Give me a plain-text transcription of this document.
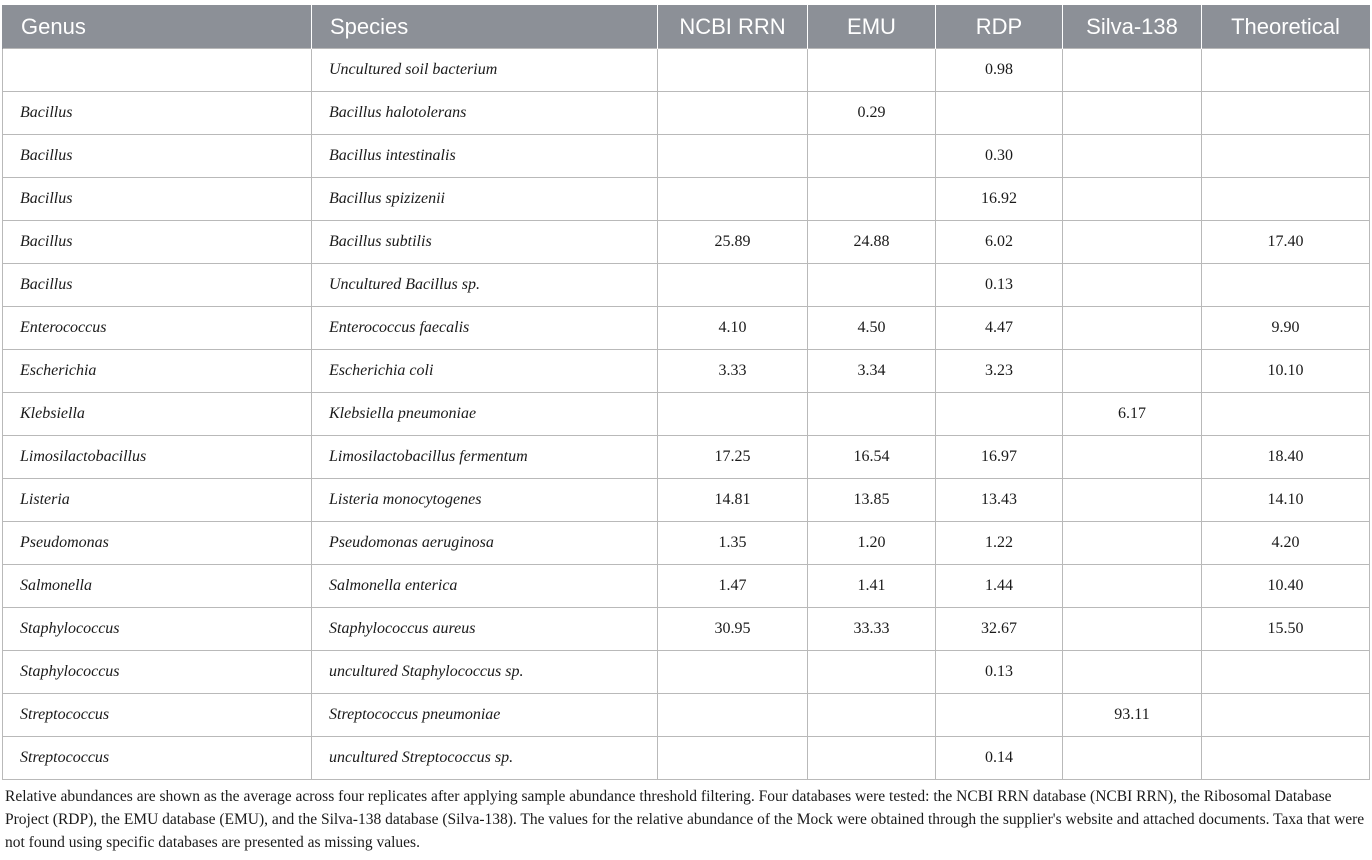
Genus	Species	NCBI RRN	EMU	RDP	Silva-138	Theoretical
	Uncultured soil bacterium			0.98		
Bacillus	Bacillus halotolerans		0.29			
Bacillus	Bacillus intestinalis			0.30		
Bacillus	Bacillus spizizenii			16.92		
Bacillus	Bacillus subtilis	25.89	24.88	6.02		17.40
Bacillus	Uncultured Bacillus sp.			0.13		
Enterococcus	Enterococcus faecalis	4.10	4.50	4.47		9.90
Escherichia	Escherichia coli	3.33	3.34	3.23		10.10
Klebsiella	Klebsiella pneumoniae				6.17	
Limosilactobacillus	Limosilactobacillus fermentum	17.25	16.54	16.97		18.40
Listeria	Listeria monocytogenes	14.81	13.85	13.43		14.10
Pseudomonas	Pseudomonas aeruginosa	1.35	1.20	1.22		4.20
Salmonella	Salmonella enterica	1.47	1.41	1.44		10.40
Staphylococcus	Staphylococcus aureus	30.95	33.33	32.67		15.50
Staphylococcus	uncultured Staphylococcus sp.			0.13		
Streptococcus	Streptococcus pneumoniae				93.11	
Streptococcus	uncultured Streptococcus sp.			0.14		

Relative abundances are shown as the average across four replicates after applying sample abundance threshold filtering. Four databases were tested: the NCBI RRN database (NCBI RRN), the Ribosomal Database Project (RDP), the EMU database (EMU), and the Silva-138 database (Silva-138). The values for the relative abundance of the Mock were obtained through the supplier's website and attached documents. Taxa that were not found using specific databases are presented as missing values.
